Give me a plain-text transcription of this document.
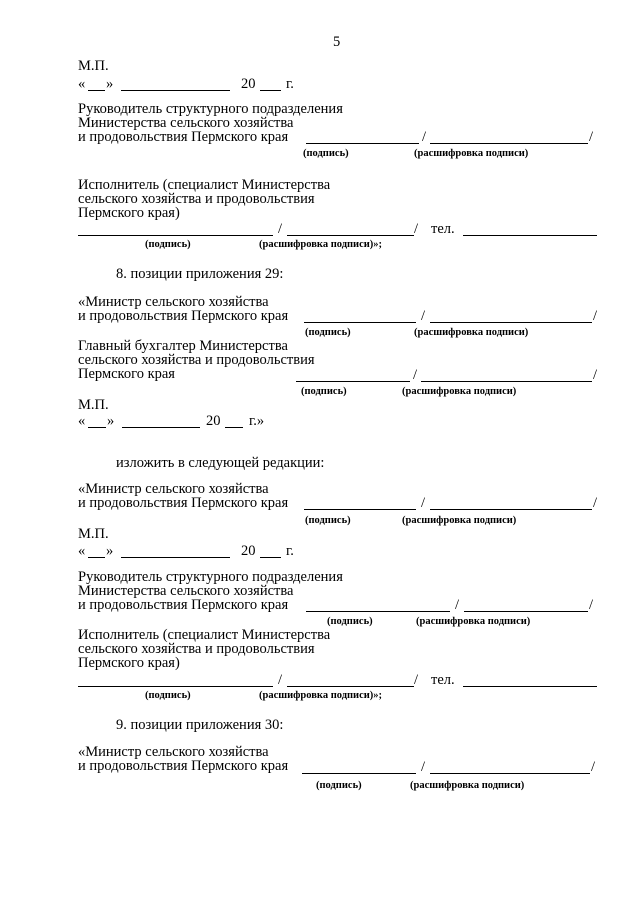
5
М.П.
« »	20 г.
Руководитель структурного подразделения
Министерства сельского хозяйства
и продовольствия Пермского края	/	/
(подпись)	(расшифровка подписи)
Исполнитель (специалист Министерства
сельского хозяйства и продовольствия
Пермского края)
/	/ тел.
(подпись)	(расшифровка подписи)»;
8. позиции приложения 29:
«Министр сельского хозяйства
и продовольствия Пермского края	/	/
(подпись)	(расшифровка подписи)
Главный бухгалтер Министерства
сельского хозяйства и продовольствия
Пермского края	/	/
(подпись)	(расшифровка подписи)
М.П.
« »	20 г.»
изложить в следующей редакции:
«Министр сельского хозяйства
и продовольствия Пермского края	/	/
(подпись)	(расшифровка подписи)
М.П.
« »	20 г.
Руководитель структурного подразделения
Министерства сельского хозяйства
и продовольствия Пермского края	/	/
(подпись)	(расшифровка подписи)
Исполнитель (специалист Министерства
сельского хозяйства и продовольствия
Пермского края)
/	/ тел.
(подпись)	(расшифровка подписи)»;
9. позиции приложения 30:
«Министр сельского хозяйства
и продовольствия Пермского края	/	/
(подпись)	(расшифровка подписи)
